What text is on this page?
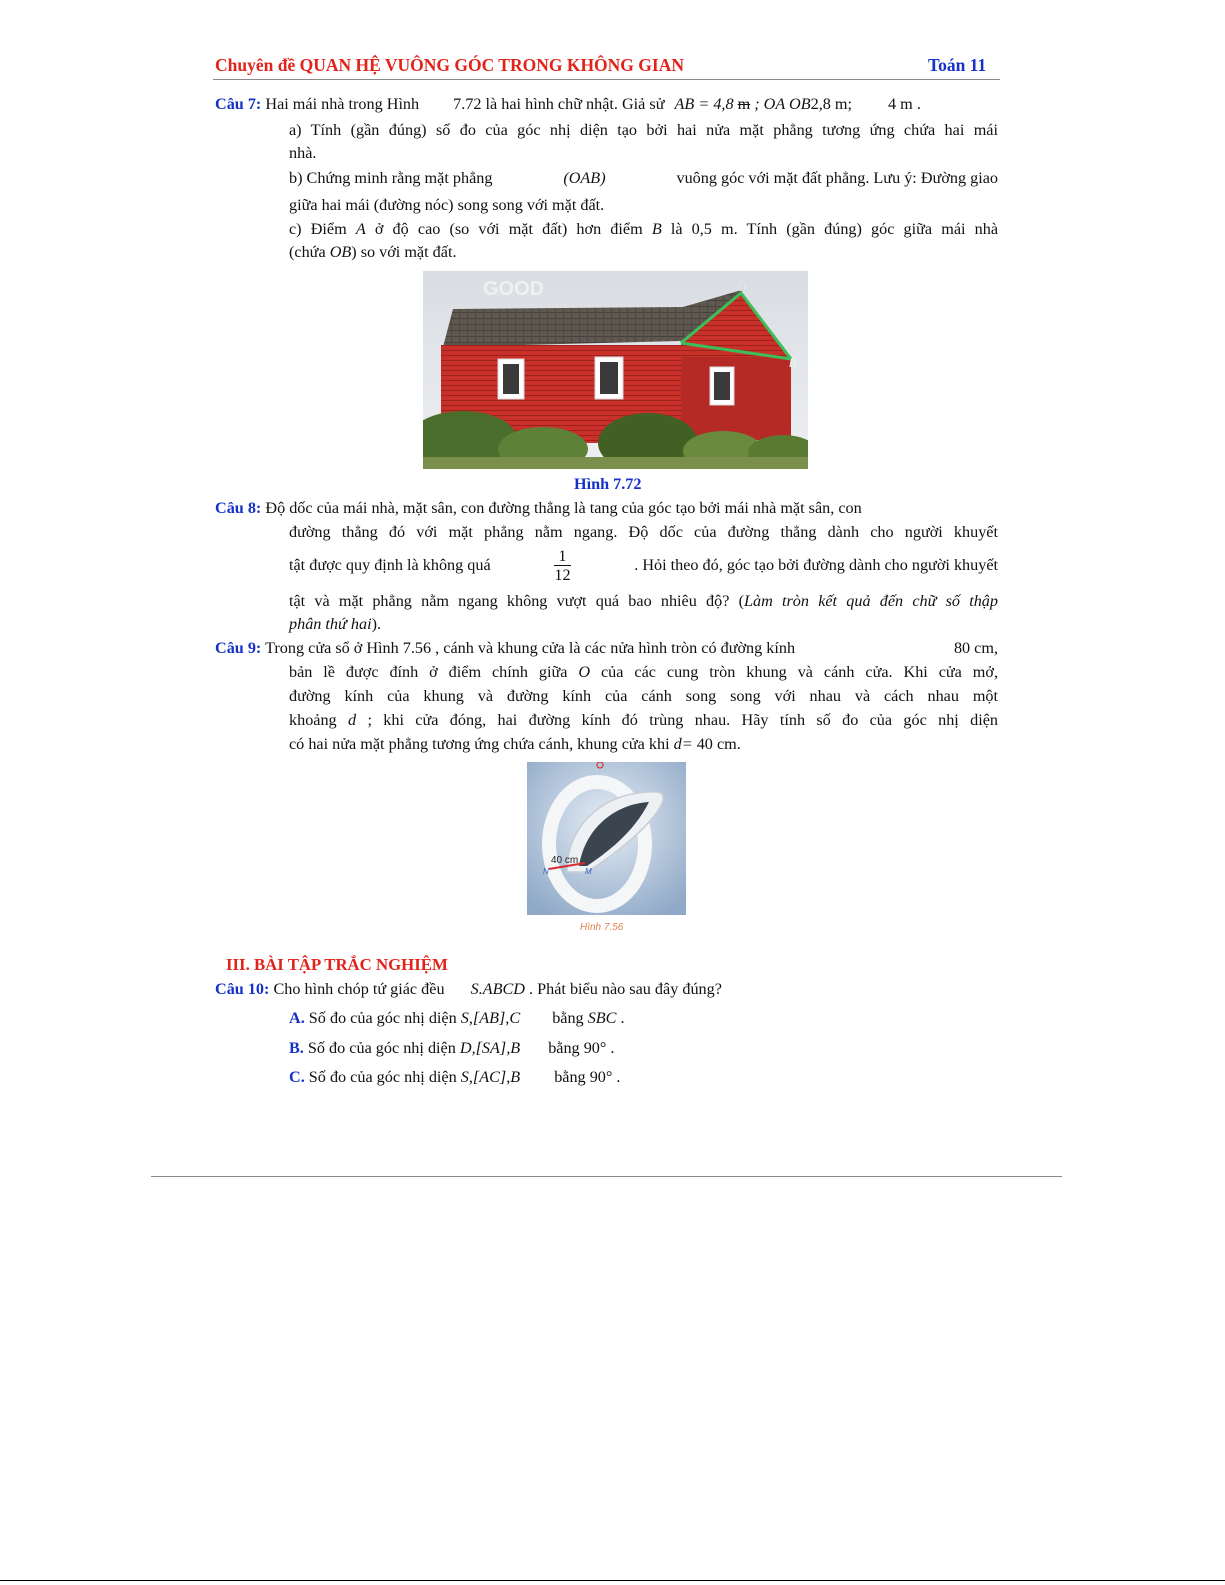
Chuyên đề QUAN HỆ VUÔNG GÓC TRONG KHÔNG GIAN	Toán 11
Câu 7: Hai mái nhà trong Hình 7.72 là hai hình chữ nhật. Giả sử AB = 4,8 m ; OA OB2,8 m; 4 m .
a) Tính (gần đúng) số đo của góc nhị diện tạo bởi hai nửa mặt phẳng tương ứng chứa hai mái
nhà.
b) Chứng minh rằng mặt phẳng	(OAB)	vuông góc với mặt đất phẳng. Lưu ý: Đường giao
giữa hai mái (đường nóc) song song với mặt đất.
c) Điểm A ở độ cao (so với mặt đất) hơn điểm B là 0,5 m. Tính (gần đúng) góc giữa mái nhà
(chứa OB) so với mặt đất.
GOOD	O
B
Hình 7.72
Câu 8: Độ dốc của mái nhà, mặt sân, con đường thẳng là tang của góc tạo bởi mái nhà mặt sân, con
đường thẳng đó với mặt phẳng nằm ngang. Độ dốc của đường thẳng dành cho người khuyết
tật được quy định là không quá	$\frac{1}{12}$	. Hỏi theo đó, góc tạo bởi đường dành cho người khuyết
tật và mặt phẳng nằm ngang không vượt quá bao nhiêu độ? (Làm tròn kết quả đến chữ số thập
phân thứ hai).
Câu 9: Trong cửa sổ ở Hình 7.56 , cánh và khung cửa là các nửa hình tròn có đường kính	80 cm,
bản lề được đính ở điểm chính giữa O của các cung tròn khung và cánh cửa. Khi cửa mở,
đường kính của khung và đường kính của cánh song song với nhau và cách nhau một
khoảng d ; khi cửa đóng, hai đường kính đó trùng nhau. Hãy tính số đo của góc nhị diện
có hai nửa mặt phẳng tương ứng chứa cánh, khung cửa khi d= 40 cm.
40 cm
N	M
Hình 7.56
III. BÀI TẬP TRẮC NGHIỆM
Câu 10: Cho hình chóp tứ giác đều S.ABCD . Phát biểu nào sau đây đúng?
A. Số đo của góc nhị diện S,[AB],C bằng SBC .
B. Số đo của góc nhị diện D,[SA],B bằng 90° .
C. Số đo của góc nhị diện S,[AC],B bằng 90° .
